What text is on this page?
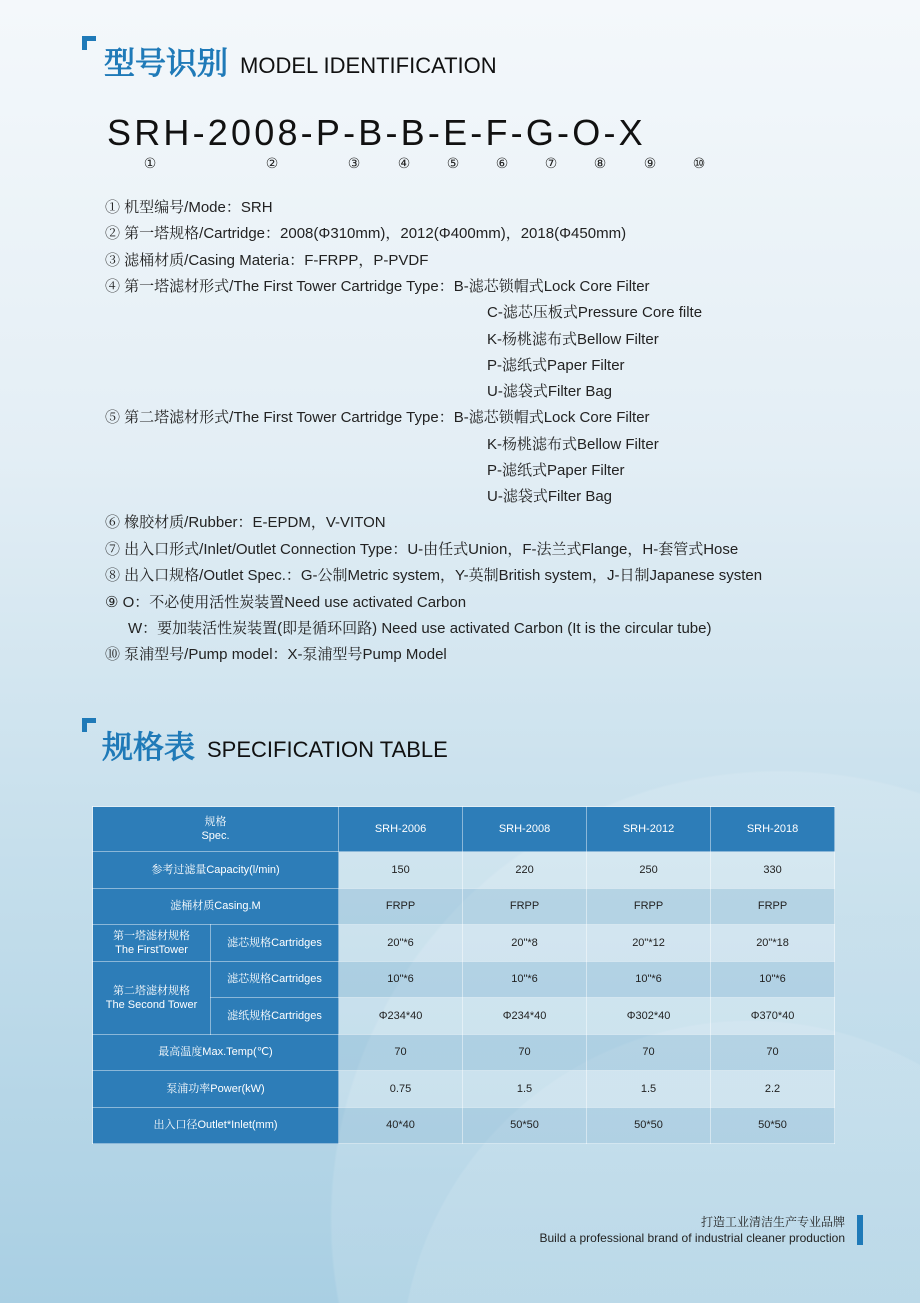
型号识别 MODEL IDENTIFICATION
SRH-2008-P-B-B-E-F-G-O-X
①	②	③	④	⑤	⑥	⑦	⑧	⑨	⑩
① 机型编号/Mode：SRH
② 第一塔规格/Cartridge：2008(Φ310mm)，2012(Φ400mm)，2018(Φ450mm)
③ 滤桶材质/Casing Materia：F-FRPP，P-PVDF
④ 第一塔滤材形式/The First Tower Cartridge Type：B-滤芯锁帽式Lock Core Filter
C-滤芯压板式Pressure Core filte
K-杨桃滤布式Bellow Filter
P-滤纸式Paper Filter
U-滤袋式Filter Bag
⑤ 第二塔滤材形式/The First Tower Cartridge Type：B-滤芯锁帽式Lock Core Filter
K-杨桃滤布式Bellow Filter
P-滤纸式Paper Filter
U-滤袋式Filter Bag
⑥ 橡胶材质/Rubber：E-EPDM，V-VITON
⑦ 出入口形式/Inlet/Outlet Connection Type：U-由任式Union，F-法兰式Flange，H-套管式Hose
⑧ 出入口规格/Outlet Spec.：G-公制Metric system，Y-英制British system，J-日制Japanese systen
⑨ O：不必使用活性炭装置Need use activated Carbon
W：要加装活性炭装置(即是循环回路) Need use activated Carbon (It is the circular tube)
⑩ 泵浦型号/Pump model：X-泵浦型号Pump Model
规格表 SPECIFICATION TABLE
规格
Spec.		SRH-2006	SRH-2008	SRH-2012	SRH-2018
参考过滤量Capacity(l/min)		150	220	250	330
滤桶材质Casing.M		FRPP	FRPP	FRPP	FRPP
第一塔滤材规格
The FirstTower	滤芯规格Cartridges	20"*6	20"*8	20"*12	20"*18
第二塔滤材规格
The Second Tower	滤芯规格Cartridges	10"*6	10"*6	10"*6	10"*6
	滤纸规格Cartridges	Φ234*40	Φ234*40	Φ302*40	Φ370*40
最高温度Max.Temp(℃)		70	70	70	70
泵浦功率Power(kW)		0.75	1.5	1.5	2.2
出入口径Outlet*Inlet(mm)		40*40	50*50	50*50	50*50
打造工业清洁生产专业品牌
Build a professional brand of industrial cleaner production
